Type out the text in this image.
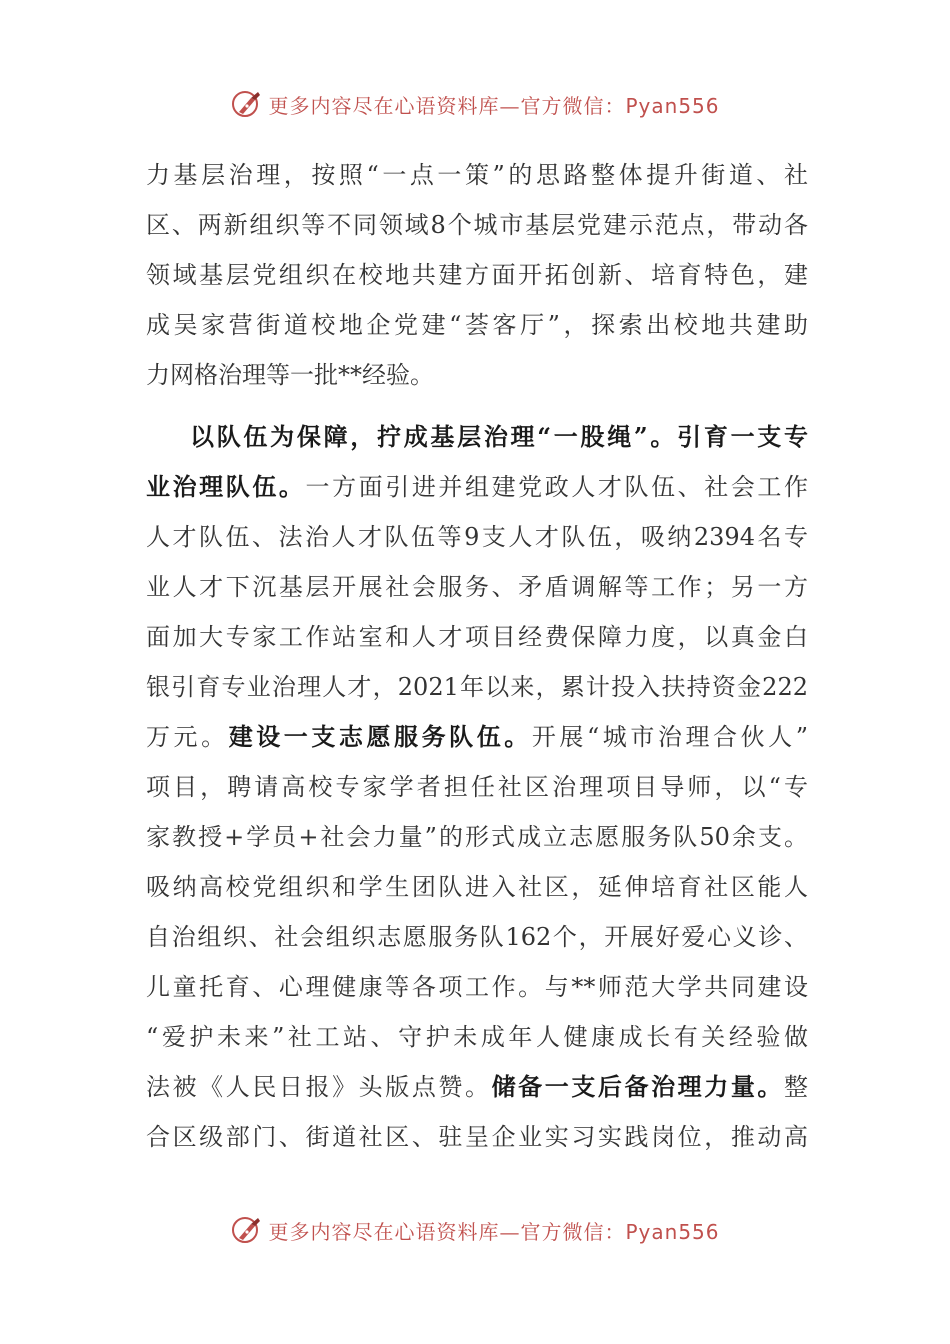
更多内容尽在心语资料库—官方微信：Pyan556
力基层治理，按照“一点一策”的思路整体提升街道、社
区、两新组织等不同领域8个城市基层党建示范点，带动各
领域基层党组织在校地共建方面开拓创新、培育特色，建
成吴家营街道校地企党建“荟客厅”，探索出校地共建助
力网格治理等一批**经验。
以队伍为保障，拧成基层治理“一股绳”。引育一支专
业治理队伍。一方面引进并组建党政人才队伍、社会工作
人才队伍、法治人才队伍等9支人才队伍，吸纳2394名专
业人才下沉基层开展社会服务、矛盾调解等工作；另一方
面加大专家工作站室和人才项目经费保障力度，以真金白
银引育专业治理人才，2021年以来，累计投入扶持资金222
万元。建设一支志愿服务队伍。开展“城市治理合伙人”
项目，聘请高校专家学者担任社区治理项目导师，以“专
家教授+学员+社会力量”的形式成立志愿服务队50余支。
吸纳高校党组织和学生团队进入社区，延伸培育社区能人
自治组织、社会组织志愿服务队162个，开展好爱心义诊、
儿童托育、心理健康等各项工作。与**师范大学共同建设
“爱护未来”社工站、守护未成年人健康成长有关经验做
法被《人民日报》头版点赞。储备一支后备治理力量。整
合区级部门、街道社区、驻呈企业实习实践岗位，推动高
更多内容尽在心语资料库—官方微信：Pyan556
